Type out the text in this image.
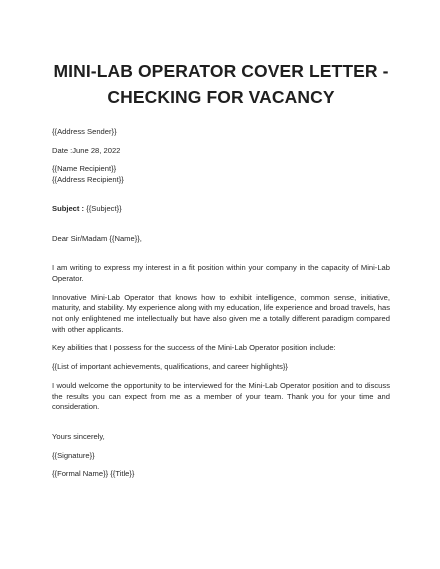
MINI-LAB OPERATOR COVER LETTER -
CHECKING FOR VACANCY
{{Address Sender}}
Date :June 28, 2022
{{Name Recipient}}
{{Address Recipient}}
Subject : {{Subject}}
Dear Sir/Madam {{Name}},
I am writing to express my interest in a fit position within your company in the capacity of Mini-Lab Operator.
Innovative Mini-Lab Operator that knows how to exhibit intelligence, common sense, initiative, maturity, and stability. My experience along with my education, life experience and broad travels, has not only enlightened me intellectually but have also given me a totally different paradigm compared with other applicants.
Key abilities that I possess for the success of the Mini-Lab Operator position include:
{{List of important achievements, qualifications, and career highlights}}
I would welcome the opportunity to be interviewed for the Mini-Lab Operator position and to discuss the results you can expect from me as a member of your team. Thank you for your time and consideration.
Yours sincerely,
{{Signature}}
{{Formal Name}} {{Title}}
